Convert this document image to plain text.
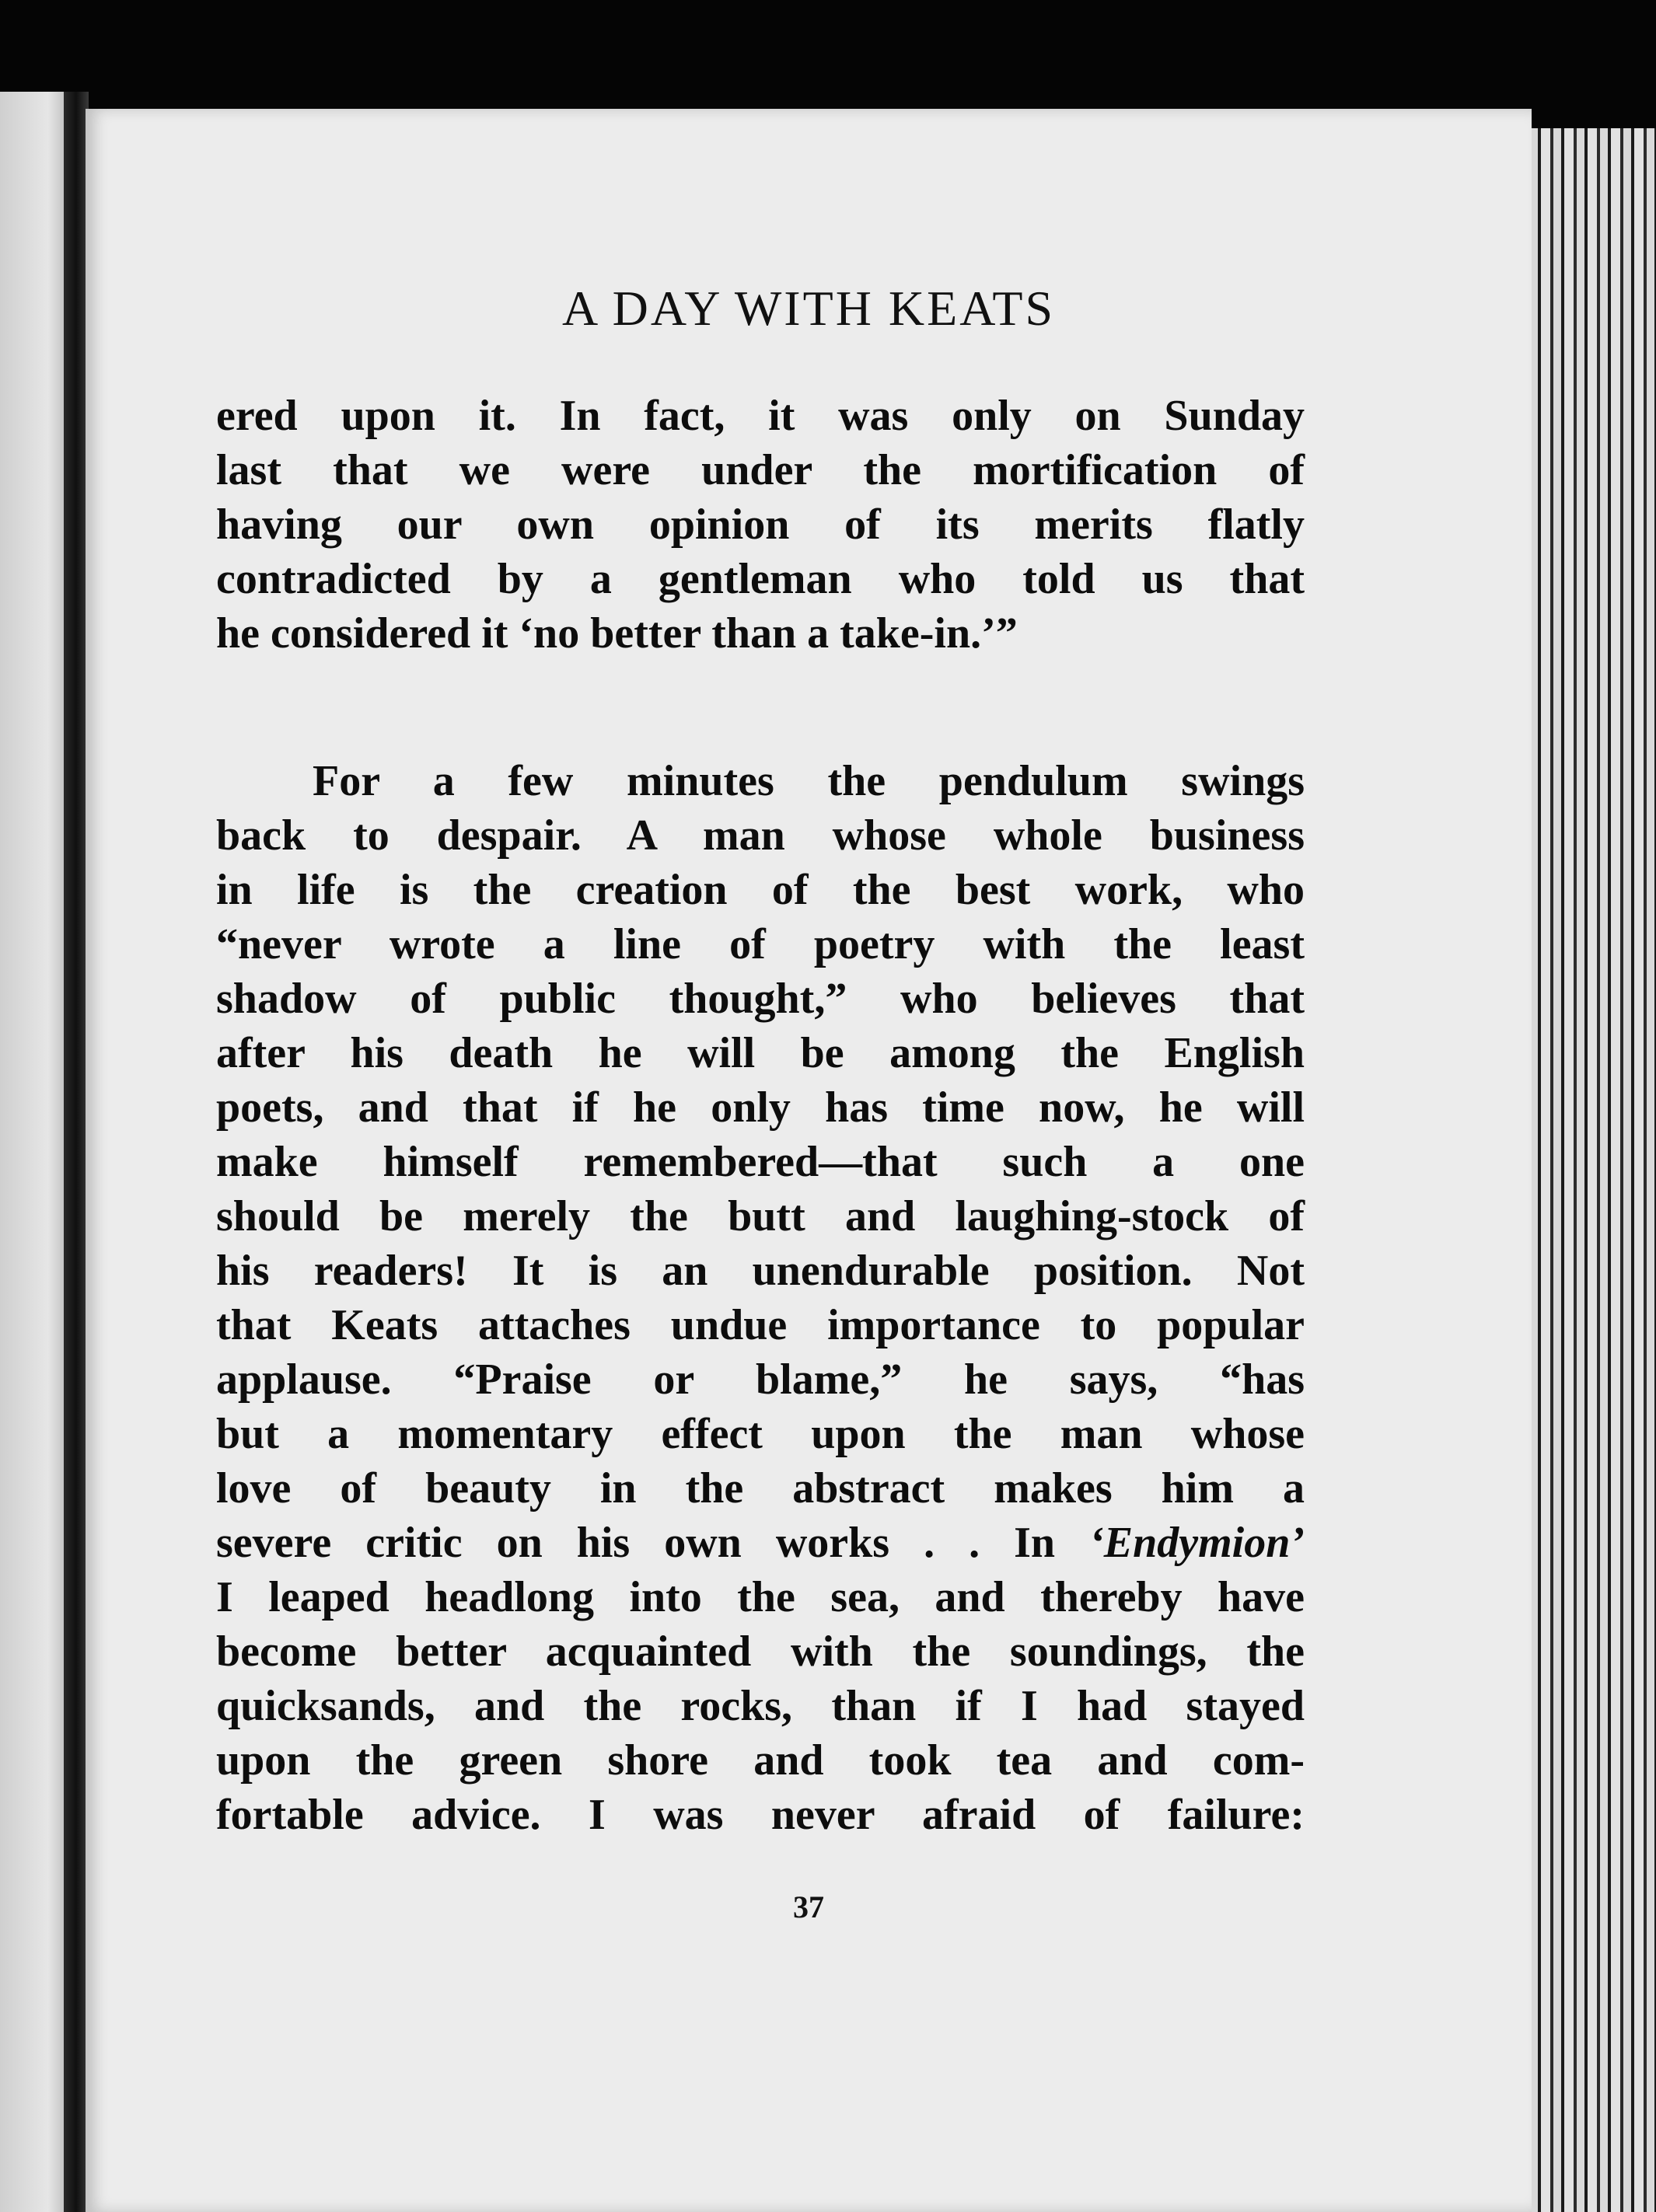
A DAY WITH KEATS
ered upon it. In fact, it was only on Sunday
last that we were under the mortification of
having our own opinion of its merits flatly
contradicted by a gentleman who told us that
he considered it ‘no better than a take-in.’”
For a few minutes the pendulum swings
back to despair. A man whose whole business
in life is the creation of the best work, who
“never wrote a line of poetry with the least
shadow of public thought,” who believes that
after his death he will be among the English
poets, and that if he only has time now, he will
make himself remembered—that such a one
should be merely the butt and laughing-stock of
his readers! It is an unendurable position. Not
that Keats attaches undue importance to popular
applause. “Praise or blame,” he says, “has
but a momentary effect upon the man whose
love of beauty in the abstract makes him a
severe critic on his own works . . In ‘Endymion’
I leaped headlong into the sea, and thereby have
become better acquainted with the soundings, the
quicksands, and the rocks, than if I had stayed
upon the green shore and took tea and com-
fortable advice. I was never afraid of failure:
37
